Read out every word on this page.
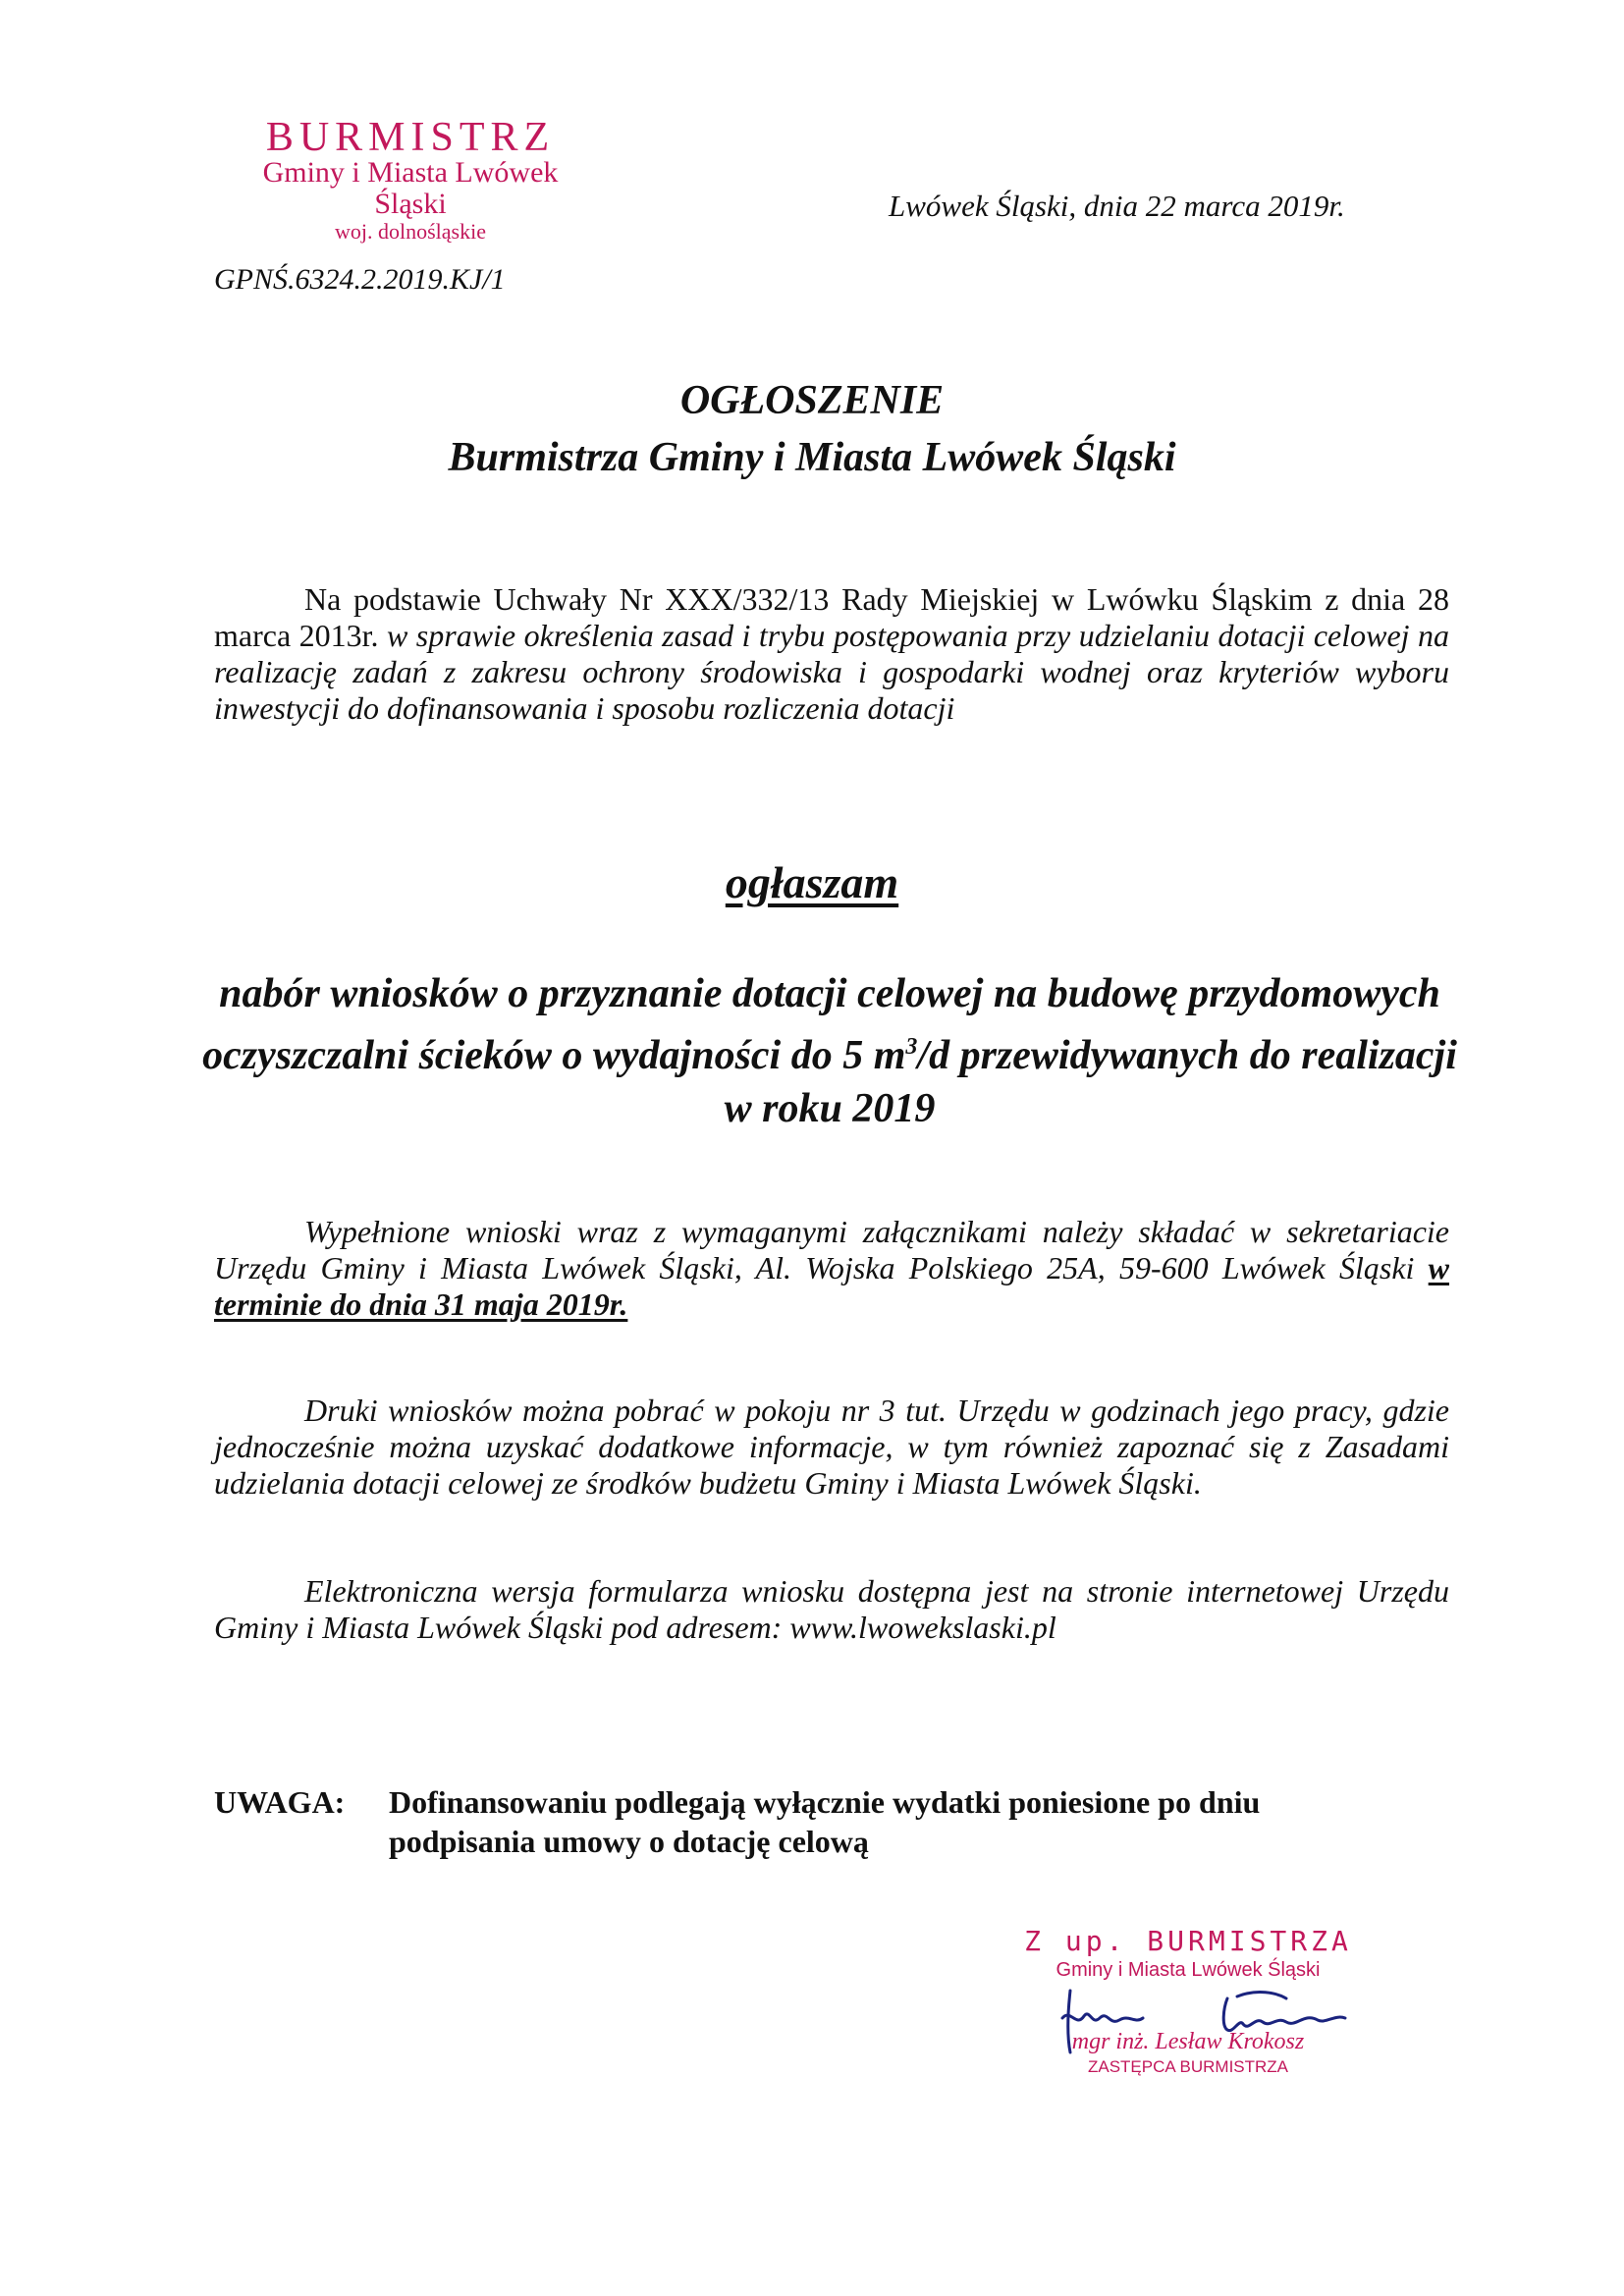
BURMISTRZ
Gminy i Miasta Lwówek Śląski
woj. dolnośląskie
Lwówek Śląski, dnia 22 marca 2019r.
GPNŚ.6324.2.2019.KJ/1
OGŁOSZENIE
Burmistrza Gminy i Miasta Lwówek Śląski
Na podstawie Uchwały Nr XXX/332/13 Rady Miejskiej w Lwówku Śląskim z dnia 28 marca 2013r. w sprawie określenia zasad i trybu postępowania przy udzielaniu dotacji celowej na realizację zadań z zakresu ochrony środowiska i gospodarki wodnej oraz kryteriów wyboru inwestycji do dofinansowania i sposobu rozliczenia dotacji
ogłaszam
nabór wniosków o przyznanie dotacji celowej na budowę przydomowych oczyszczalni ścieków o wydajności do 5 $m^3/d$ przewidywanych do realizacji w roku 2019
Wypełnione wnioski wraz z wymaganymi załącznikami należy składać w sekretariacie Urzędu Gminy i Miasta Lwówek Śląski, Al. Wojska Polskiego 25A, 59-600 Lwówek Śląski w terminie do dnia 31 maja 2019r.
Druki wniosków można pobrać w pokoju nr 3 tut. Urzędu w godzinach jego pracy, gdzie jednocześnie można uzyskać dodatkowe informacje, w tym również zapoznać się z Zasadami udzielania dotacji celowej ze środków budżetu Gminy i Miasta Lwówek Śląski.
Elektroniczna wersja formularza wniosku dostępna jest na stronie internetowej Urzędu Gminy i Miasta Lwówek Śląski pod adresem: www.lwowekslaski.pl
UWAGA: Dofinansowaniu podlegają wyłącznie wydatki poniesione po dniu
podpisania umowy o dotację celową
Z up. BURMISTRZA
Gminy i Miasta Lwówek Śląski
mgr inż. Lesław Krokosz
ZASTĘPCA BURMISTRZA
